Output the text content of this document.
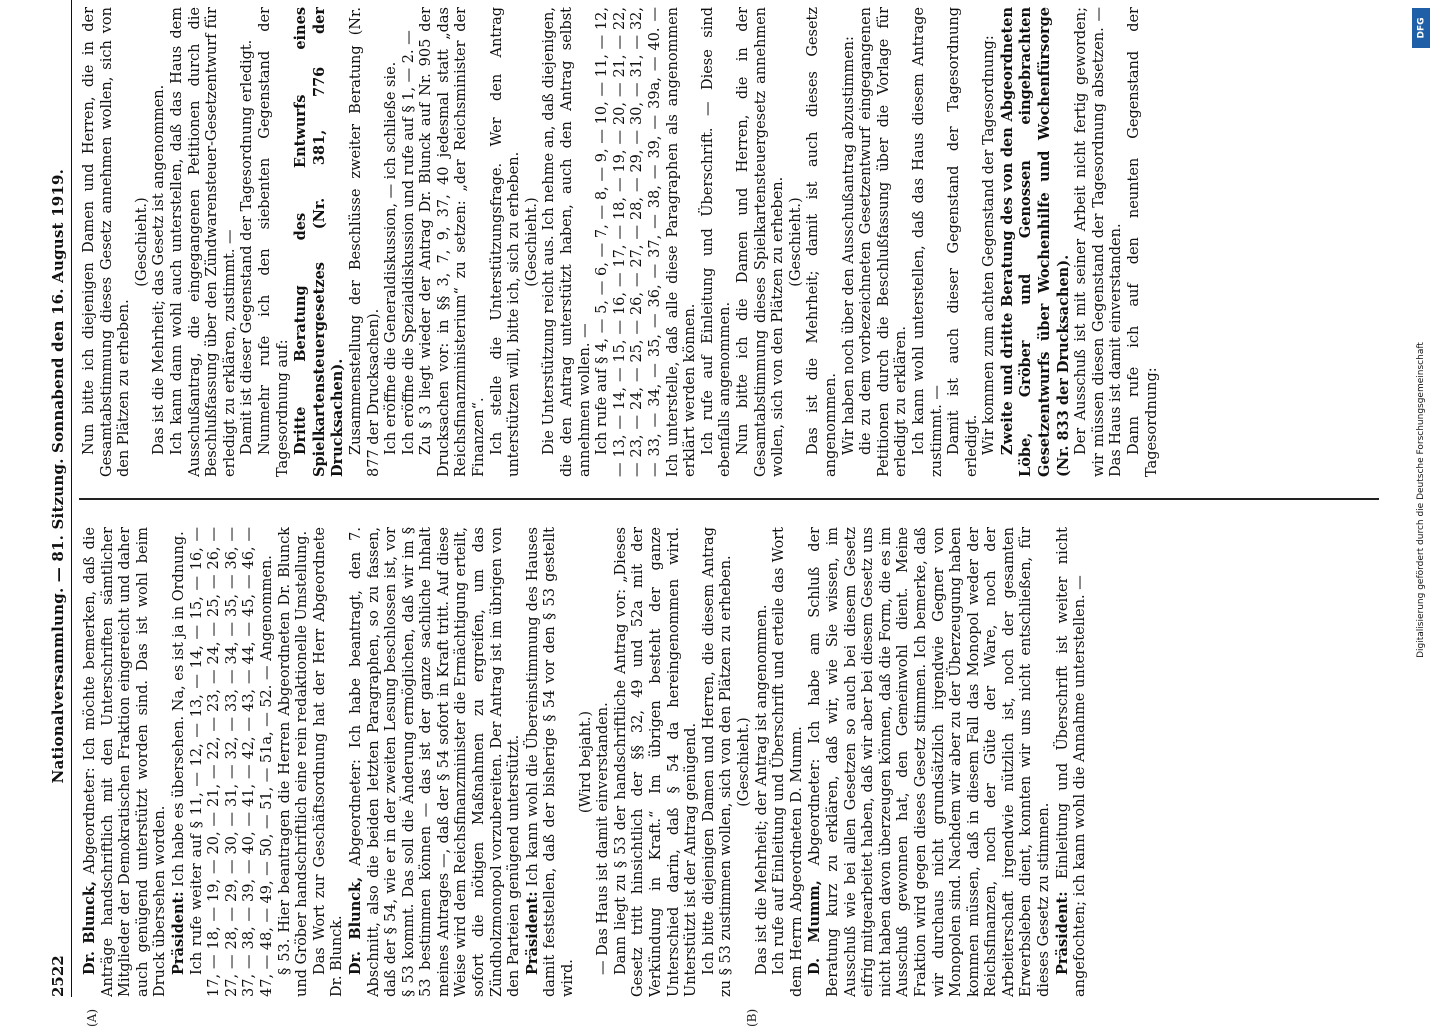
2522
Nationalversammlung. — 81. Sitzung. Sonnabend den 16. August 1919.
(A)	(B)

Dr. Blunck, Abgeordneter: Ich möchte bemerken, daß die Anträge handschriftlich mit den Unterschriften sämtlicher Mitglieder der Demokratischen Fraktion eingereicht und daher auch genügend unterstützt worden sind. Das ist wohl beim Druck übersehen worden. Präsident: Ich habe es übersehen. Na, es ist ja in Ordnung. Ich rufe weiter auf § 11, — 12, — 13, — 14, — 15, — 16, — 17, — 18, — 19, — 20, — 21, — 22, — 23, — 24, — 25, — 26, — 27, — 28, — 29, — 30, — 31, — 32, — 33, — 34, — 35, — 36, — 37, — 38, — 39, — 40, — 41, — 42, — 43, — 44, — 45, — 46, — 47, — 48, — 49, — 50, — 51, — 51a, — 52. — Angenommen. § 53. Hier beantragen die Herren Abgeordneten Dr. Blunck und Gröber handschriftlich eine rein redaktionelle Umstellung. Das Wort zur Geschäftsordnung hat der Herr Abgeordnete Dr. Blunck. Dr. Blunck, Abgeordneter: Ich habe beantragt, den 7. Abschnitt, also die beiden letzten Paragraphen, so zu fassen, daß der § 54, wie er in der zweiten Lesung beschlossen ist, vor § 53 kommt. Das soll die Änderung ermöglichen, daß wir im § 53 bestimmen können — das ist der ganze sachliche Inhalt meines Antrages —, daß der § 54 sofort in Kraft tritt. Auf diese Weise wird dem Reichsfinanzminister die Ermächtigung erteilt, sofort die nötigen Maßnahmen zu ergreifen, um das Zündholzmonopol vorzubereiten. Der Antrag ist im übrigen von den Parteien genügend unterstützt. Präsident: Ich kann wohl die Übereinstimmung des Hauses damit feststellen, daß der bisherige § 54 vor den § 53 gestellt wird.

(Wird bejaht.) — Das Haus ist damit einverstanden. Dann liegt zu § 53 der handschriftliche Antrag vor: „Dieses Gesetz tritt hinsichtlich der §§ 32, 49 und 52a mit der Verkündung in Kraft.“ Im übrigen besteht der ganze Unterschied darin, daß § 54 da hereingenommen wird. Unterstützt ist der Antrag genügend. Ich bitte diejenigen Damen und Herren, die diesem Antrag zu § 53 zustimmen wollen, sich von den Plätzen zu erheben. (Geschieht.) Das ist die Mehrheit; der Antrag ist angenommen. Ich rufe auf Einleitung und Überschrift und erteile das Wort dem Herrn Abgeordneten D. Mumm. D. Mumm, Abgeordneter: Ich habe am Schluß der Beratung kurz zu erklären, daß wir, wie Sie wissen, im Ausschuß wie bei allen Gesetzen so auch bei diesem Gesetz eifrig mitgearbeitet haben, daß wir aber bei diesem Gesetz uns nicht haben davon überzeugen können, daß die Form, die es im Ausschuß gewonnen hat, den Gemeinwohl dient. Meine Fraktion wird gegen dieses Gesetz stimmen. Ich bemerke, daß wir durchaus nicht grundsätzlich irgendwie Gegner von Monopolen sind. Nachdem wir aber zu der Überzeugung haben kommen müssen, daß in diesem Fall das Monopol weder der Reichsfinanzen, noch der Güte der Ware, noch der Arbeiterschaft irgendwie nützlich ist, noch der gesamten Erwerbsleben dient, konnten wir uns nicht entschließen, für dieses Gesetz zu stimmen. Präsident: Einleitung und Überschrift ist weiter nicht angefochten; ich kann wohl die Annahme unterstellen. —

Nun bitte ich diejenigen Damen und Herren, die in der Gesamtabstimmung dieses Gesetz annehmen wollen, sich von den Plätzen zu erheben.

(Geschieht.) Das ist die Mehrheit; das Gesetz ist angenommen. Ich kann dann wohl auch unterstellen, daß das Haus dem Ausschußantrag, die eingegangenen Petitionen durch die Beschlußfassung über den Zündwarensteuer-Gesetzentwurf für erledigt zu erklären, zustimmt. — Damit ist dieser Gegenstand der Tagesordnung erledigt. Nunmehr rufe ich den siebenten Gegenstand der Tagesordnung auf: Dritte Beratung des Entwurfs eines Spielkartensteuergesetzes (Nr. 381, 776 der Drucksachen). Zusammenstellung der Beschlüsse zweiter Beratung (Nr. 877 der Drucksachen). Ich eröffne die Generaldiskussion, — ich schließe sie. Ich eröffne die Spezialdiskussion und rufe auf § 1, — 2. — Zu § 3 liegt wieder der Antrag Dr. Blunck auf Nr. 905 der Drucksachen vor: in §§ 3, 7, 9, 37, 40 jedesmal statt „das Reichsfinanzministerium“ zu setzen: „der Reichsminister der Finanzen“. Ich stelle die Unterstützungsfrage. Wer den Antrag unterstützen will, bitte ich, sich zu erheben. (Geschieht.) Die Unterstützung reicht aus. Ich nehme an, daß diejenigen, die den Antrag unterstützt haben, auch den Antrag selbst annehmen wollen. — Ich rufe auf § 4, — 5, — 6, — 7, — 8, — 9, — 10, — 11, — 12, — 13, — 14, — 15, — 16, — 17, — 18, — 19, — 20, — 21, — 22, — 23, — 24, — 25, — 26, — 27, — 28, — 29, — 30, — 31, — 32, — 33, — 34, — 35, — 36, — 37, — 38, — 39, — 39a, — 40. — Ich unterstelle, daß alle diese Paragraphen als angenommen erklärt werden können. Ich rufe auf Einleitung und Überschrift. — Diese sind ebenfalls angenommen. Nun bitte ich die Damen und Herren, die in der Gesamtabstimmung dieses Spielkartensteuergesetz annehmen wollen, sich von den Plätzen zu erheben. (Geschieht.) Das ist die Mehrheit; damit ist auch dieses Gesetz angenommen. Wir haben noch über den Ausschußantrag abzustimmen: die zu dem vorbezeichneten Gesetzentwurf eingegangenen Petitionen durch die Beschlußfassung über die Vorlage für erledigt zu erklären. Ich kann wohl unterstellen, daß das Haus diesem Antrage zustimmt. — Damit ist auch dieser Gegenstand der Tagesordnung erledigt. Wir kommen zum achten Gegenstand der Tagesordnung: Zweite und dritte Beratung des von den Abgeordneten Löbe, Gröber und Genossen eingebrachten Gesetzentwurfs über Wochenhilfe und Wochenfürsorge (Nr. 833 der Drucksachen). Der Ausschuß ist mit seiner Arbeit nicht fertig geworden; wir müssen diesen Gegenstand der Tagesordnung absetzen. — Das Haus ist damit einverstanden. Dann rufe ich auf den neunten Gegenstand der Tagesordnung:

DFG
Digitalisierung gefördert durch die Deutsche Forschungsgemeinschaft
